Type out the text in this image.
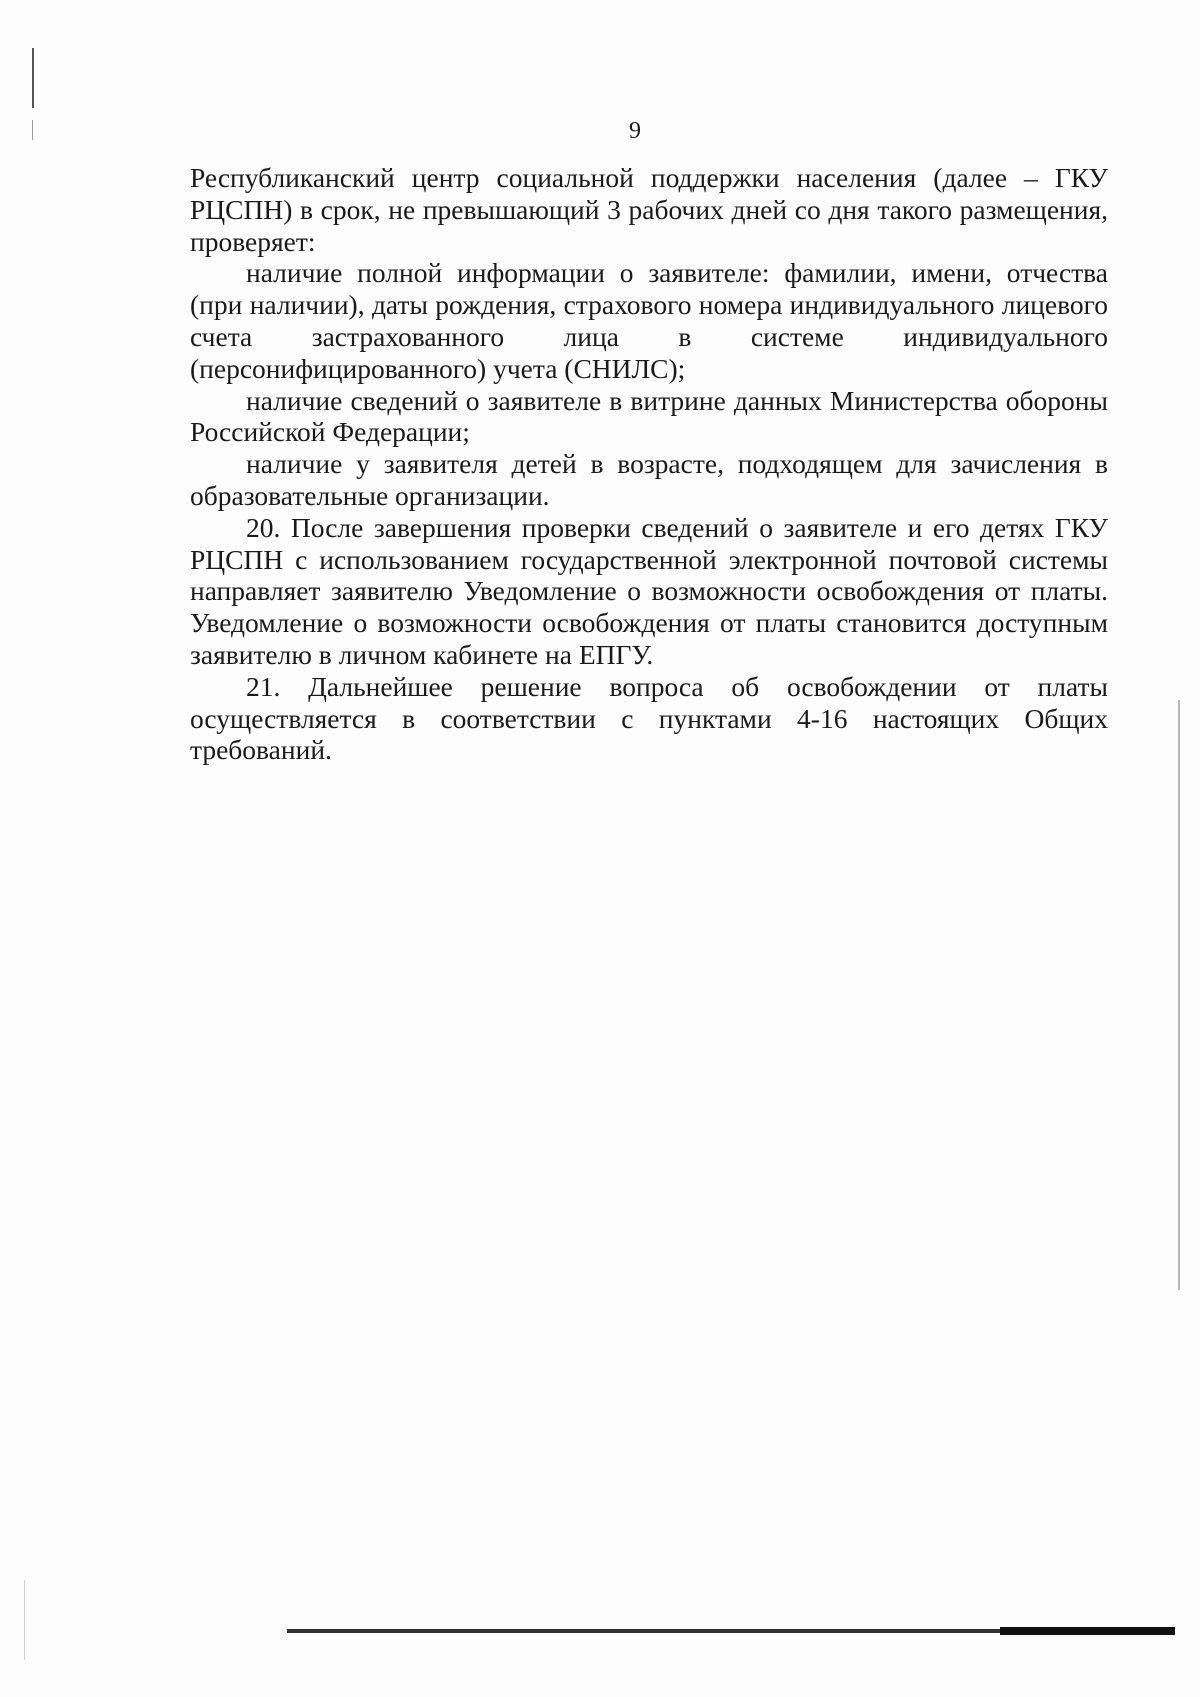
9

Республиканский центр социальной поддержки населения (далее – ГКУ РЦСПН) в срок, не превышающий 3 рабочих дней со дня такого размещения, проверяет:

наличие полной информации о заявителе: фамилии, имени, отчества (при наличии), даты рождения, страхового номера индивидуального лицевого счета застрахованного лица в системе индивидуального (персонифицированного) учета (СНИЛС);

наличие сведений о заявителе в витрине данных Министерства обороны Российской Федерации;

наличие у заявителя детей в возрасте, подходящем для зачисления в образовательные организации.

20. После завершения проверки сведений о заявителе и его детях ГКУ РЦСПН с использованием государственной электронной почтовой системы направляет заявителю Уведомление о возможности освобождения от платы. Уведомление о возможности освобождения от платы становится доступным заявителю в личном кабинете на ЕПГУ.

21. Дальнейшее решение вопроса об освобождении от платы осуществляется в соответствии с пунктами 4-16 настоящих Общих требований.
